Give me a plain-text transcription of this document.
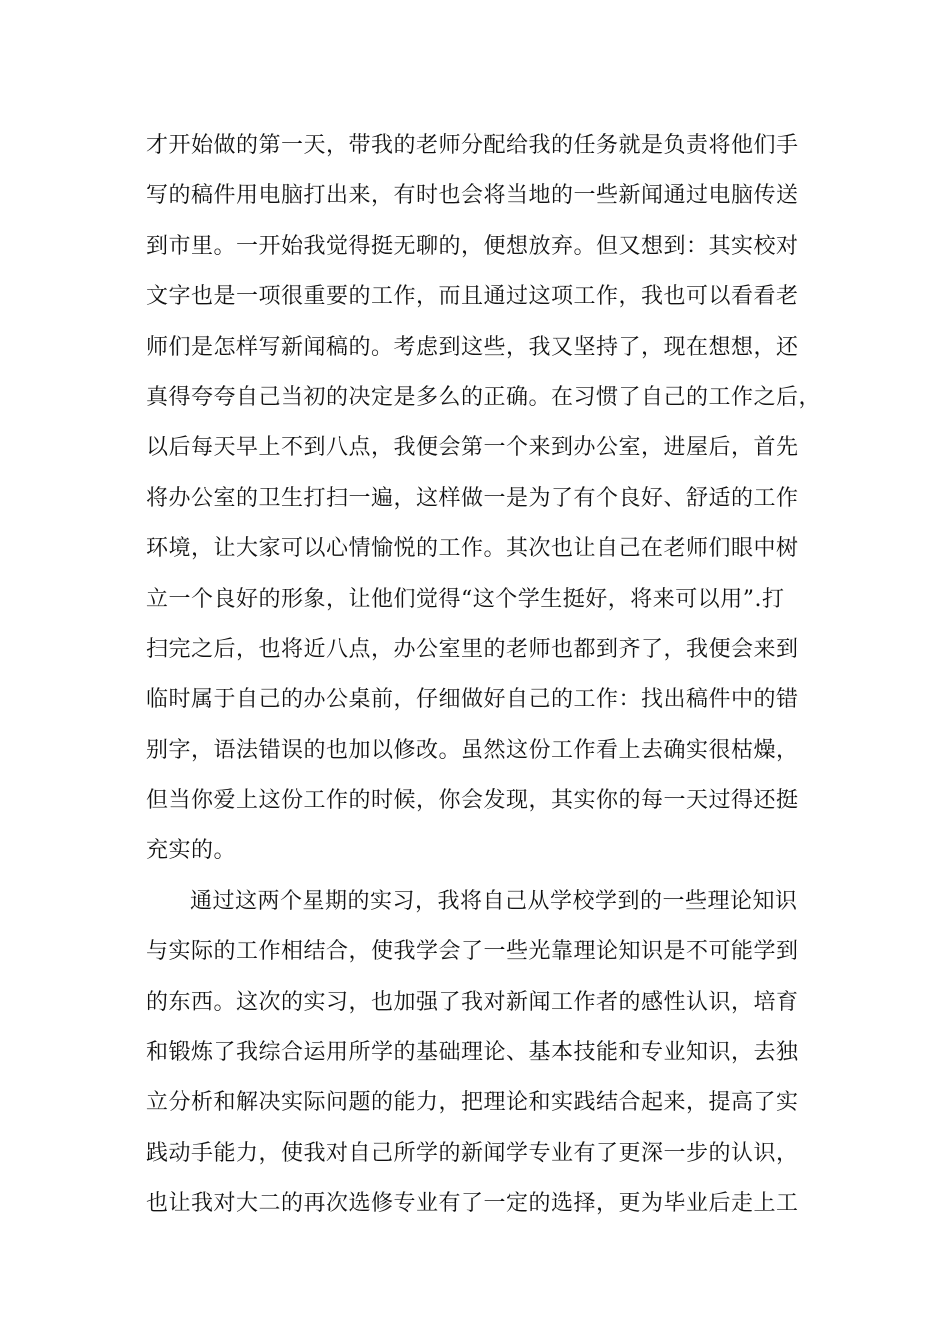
才开始做的第一天，带我的老师分配给我的任务就是负责将他们手
写的稿件用电脑打出来，有时也会将当地的一些新闻通过电脑传送
到市里。一开始我觉得挺无聊的，便想放弃。但又想到：其实校对
文字也是一项很重要的工作，而且通过这项工作，我也可以看看老
师们是怎样写新闻稿的。考虑到这些，我又坚持了，现在想想，还
真得夸夸自己当初的决定是多么的正确。在习惯了自己的工作之后，
以后每天早上不到八点，我便会第一个来到办公室，进屋后，首先
将办公室的卫生打扫一遍，这样做一是为了有个良好、舒适的工作
环境，让大家可以心情愉悦的工作。其次也让自己在老师们眼中树
立一个良好的形象，让他们觉得“这个学生挺好，将来可以用”.打
扫完之后，也将近八点，办公室里的老师也都到齐了，我便会来到
临时属于自己的办公桌前，仔细做好自己的工作：找出稿件中的错
别字，语法错误的也加以修改。虽然这份工作看上去确实很枯燥，
但当你爱上这份工作的时候，你会发现，其实你的每一天过得还挺
充实的。
通过这两个星期的实习，我将自己从学校学到的一些理论知识
与实际的工作相结合，使我学会了一些光靠理论知识是不可能学到
的东西。这次的实习，也加强了我对新闻工作者的感性认识，培育
和锻炼了我综合运用所学的基础理论、基本技能和专业知识，去独
立分析和解决实际问题的能力，把理论和实践结合起来，提高了实
践动手能力，使我对自己所学的新闻学专业有了更深一步的认识，
也让我对大二的再次选修专业有了一定的选择，更为毕业后走上工
